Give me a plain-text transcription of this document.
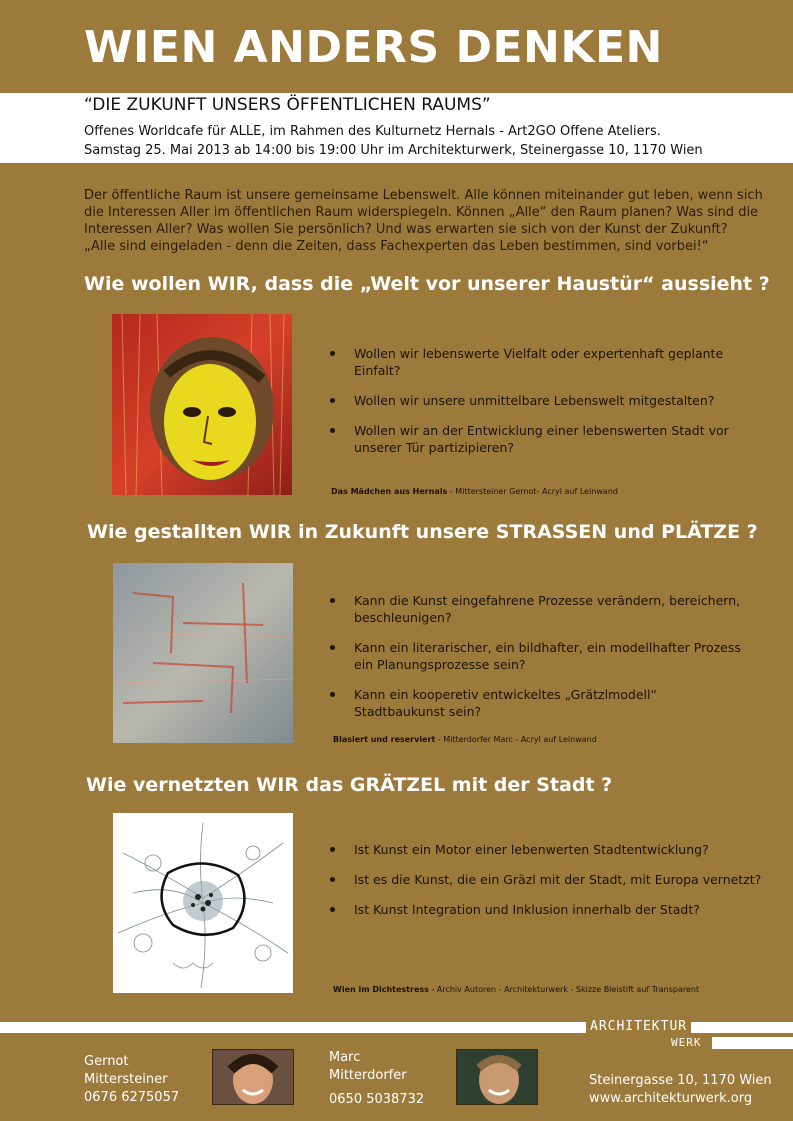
WIEN ANDERS DENKEN
“DIE ZUKUNFT UNSERS ÖFFENTLICHEN RAUMS”
Offenes Worldcafe für ALLE, im Rahmen des Kulturnetz Hernals - Art2GO Offene Ateliers.
Samstag 25. Mai 2013 ab 14:00 bis 19:00 Uhr im Architekturwerk, Steinergasse 10, 1170 Wien
Der öffentliche Raum ist unsere gemeinsame Lebenswelt. Alle können miteinander gut leben, wenn sich
die Interessen Aller im öffentlichen Raum widerspiegeln. Können „Alle“ den Raum planen? Was sind die
Interessen Aller? Was wollen Sie persönlich? Und was erwarten sie sich von der Kunst der Zukunft?
„Alle sind eingeladen - denn die Zeiten, dass Fachexperten das Leben bestimmen, sind vorbei!“
Wie wollen WIR, dass die „Welt vor unserer Haustür“ aussieht ?
Wollen wir lebenswerte Vielfalt oder expertenhaft geplante Einfalt?
Wollen wir unsere unmittelbare Lebenswelt mitgestalten?
Wollen wir an der Entwicklung einer lebenswerten Stadt vor unserer Tür partizipieren?
Das Mädchen aus Hernals - Mittersteiner Gernot- Acryl auf Leinwand
Wie gestallten WIR in Zukunft unsere STRASSEN und PLÄTZE ?
Kann die Kunst eingefahrene Prozesse verändern, bereichern, beschleunigen?
Kann ein literarischer, ein bildhafter, ein modellhafter Prozess ein Planungsprozesse sein?
Kann ein kooperetiv entwickeltes „Grätzlmodell“ Stadtbaukunst sein?
Blasiert und reserviert - Mitterdorfer Marc - Acryl auf Leinwand
Wie vernetzten WIR das GRÄTZEL mit der Stadt ?
Ist Kunst ein Motor einer lebenwerten Stadtentwicklung?
Ist es die Kunst, die ein Gräzl mit der Stadt, mit Europa vernetzt?
Ist Kunst Integration und Inklusion innerhalb der Stadt?
Wien im Dichtestress - Archiv Autoren - Architekturwerk - Skizze Bleistift auf Transparent
ARCHITEKTUR
WERK
Gernot
Mittersteiner
0676 6275057
Marc
Mitterdorfer
0650 5038732
Steinergasse 10, 1170 Wien
www.architekturwerk.org
